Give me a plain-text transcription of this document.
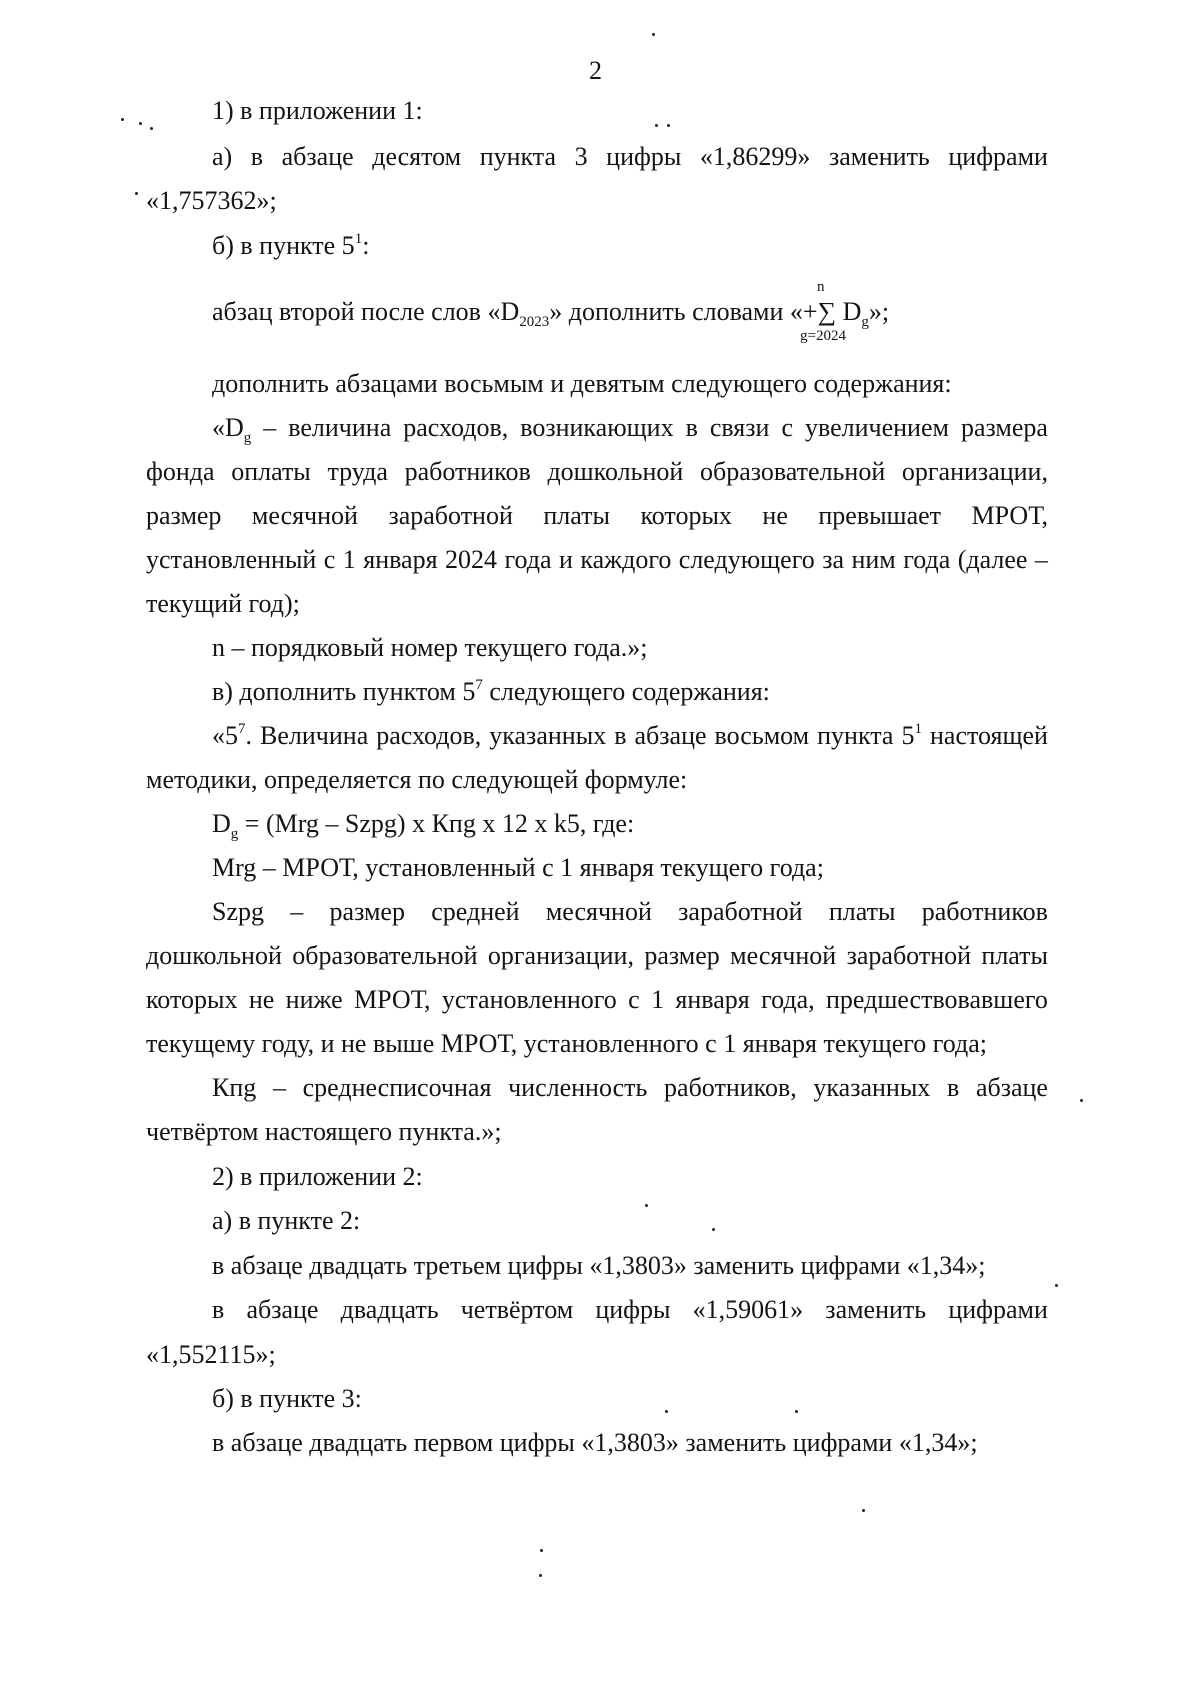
2
1) в приложении 1:
а) в абзаце десятом пункта 3 цифры «1,86299» заменить цифрами
«1,757362»;
б) в пункте $5^1$:
абзац второй после слов «$D_{2023}$» дополнить словами «+∑ $D_g$»;
n
g=2024
дополнить абзацами восьмым и девятым следующего содержания:
«$D_g$ – величина расходов, возникающих в связи с увеличением размера
фонда оплаты труда работников дошкольной образовательной организации,
размер месячной заработной платы которых не превышает МРОТ,
установленный с 1 января 2024 года и каждого следующего за ним года (далее –
текущий год);
n – порядковый номер текущего года.»;
в) дополнить пунктом $5^7$ следующего содержания:
«$5^7$. Величина расходов, указанных в абзаце восьмом пункта $5^1$ настоящей
методики, определяется по следующей формуле:
$D_g = (Mrg$ – Szpg) х Кпg х 12 х k5, где:
Mrg – МРОТ, установленный с 1 января текущего года;
Szpg – размер средней месячной заработной платы работников
дошкольной образовательной организации, размер месячной заработной платы
которых не ниже МРОТ, установленного с 1 января года, предшествовавшего
текущему году, и не выше МРОТ, установленного с 1 января текущего года;
Кпg – среднесписочная численность работников, указанных в абзаце
четвёртом настоящего пункта.»;
2) в приложении 2:
а) в пункте 2:
в абзаце двадцать третьем цифры «1,3803» заменить цифрами «1,34»;
в абзаце двадцать четвёртом цифры «1,59061» заменить цифрами
«1,552115»;
б) в пункте 3:
в абзаце двадцать первом цифры «1,3803» заменить цифрами «1,34»;
